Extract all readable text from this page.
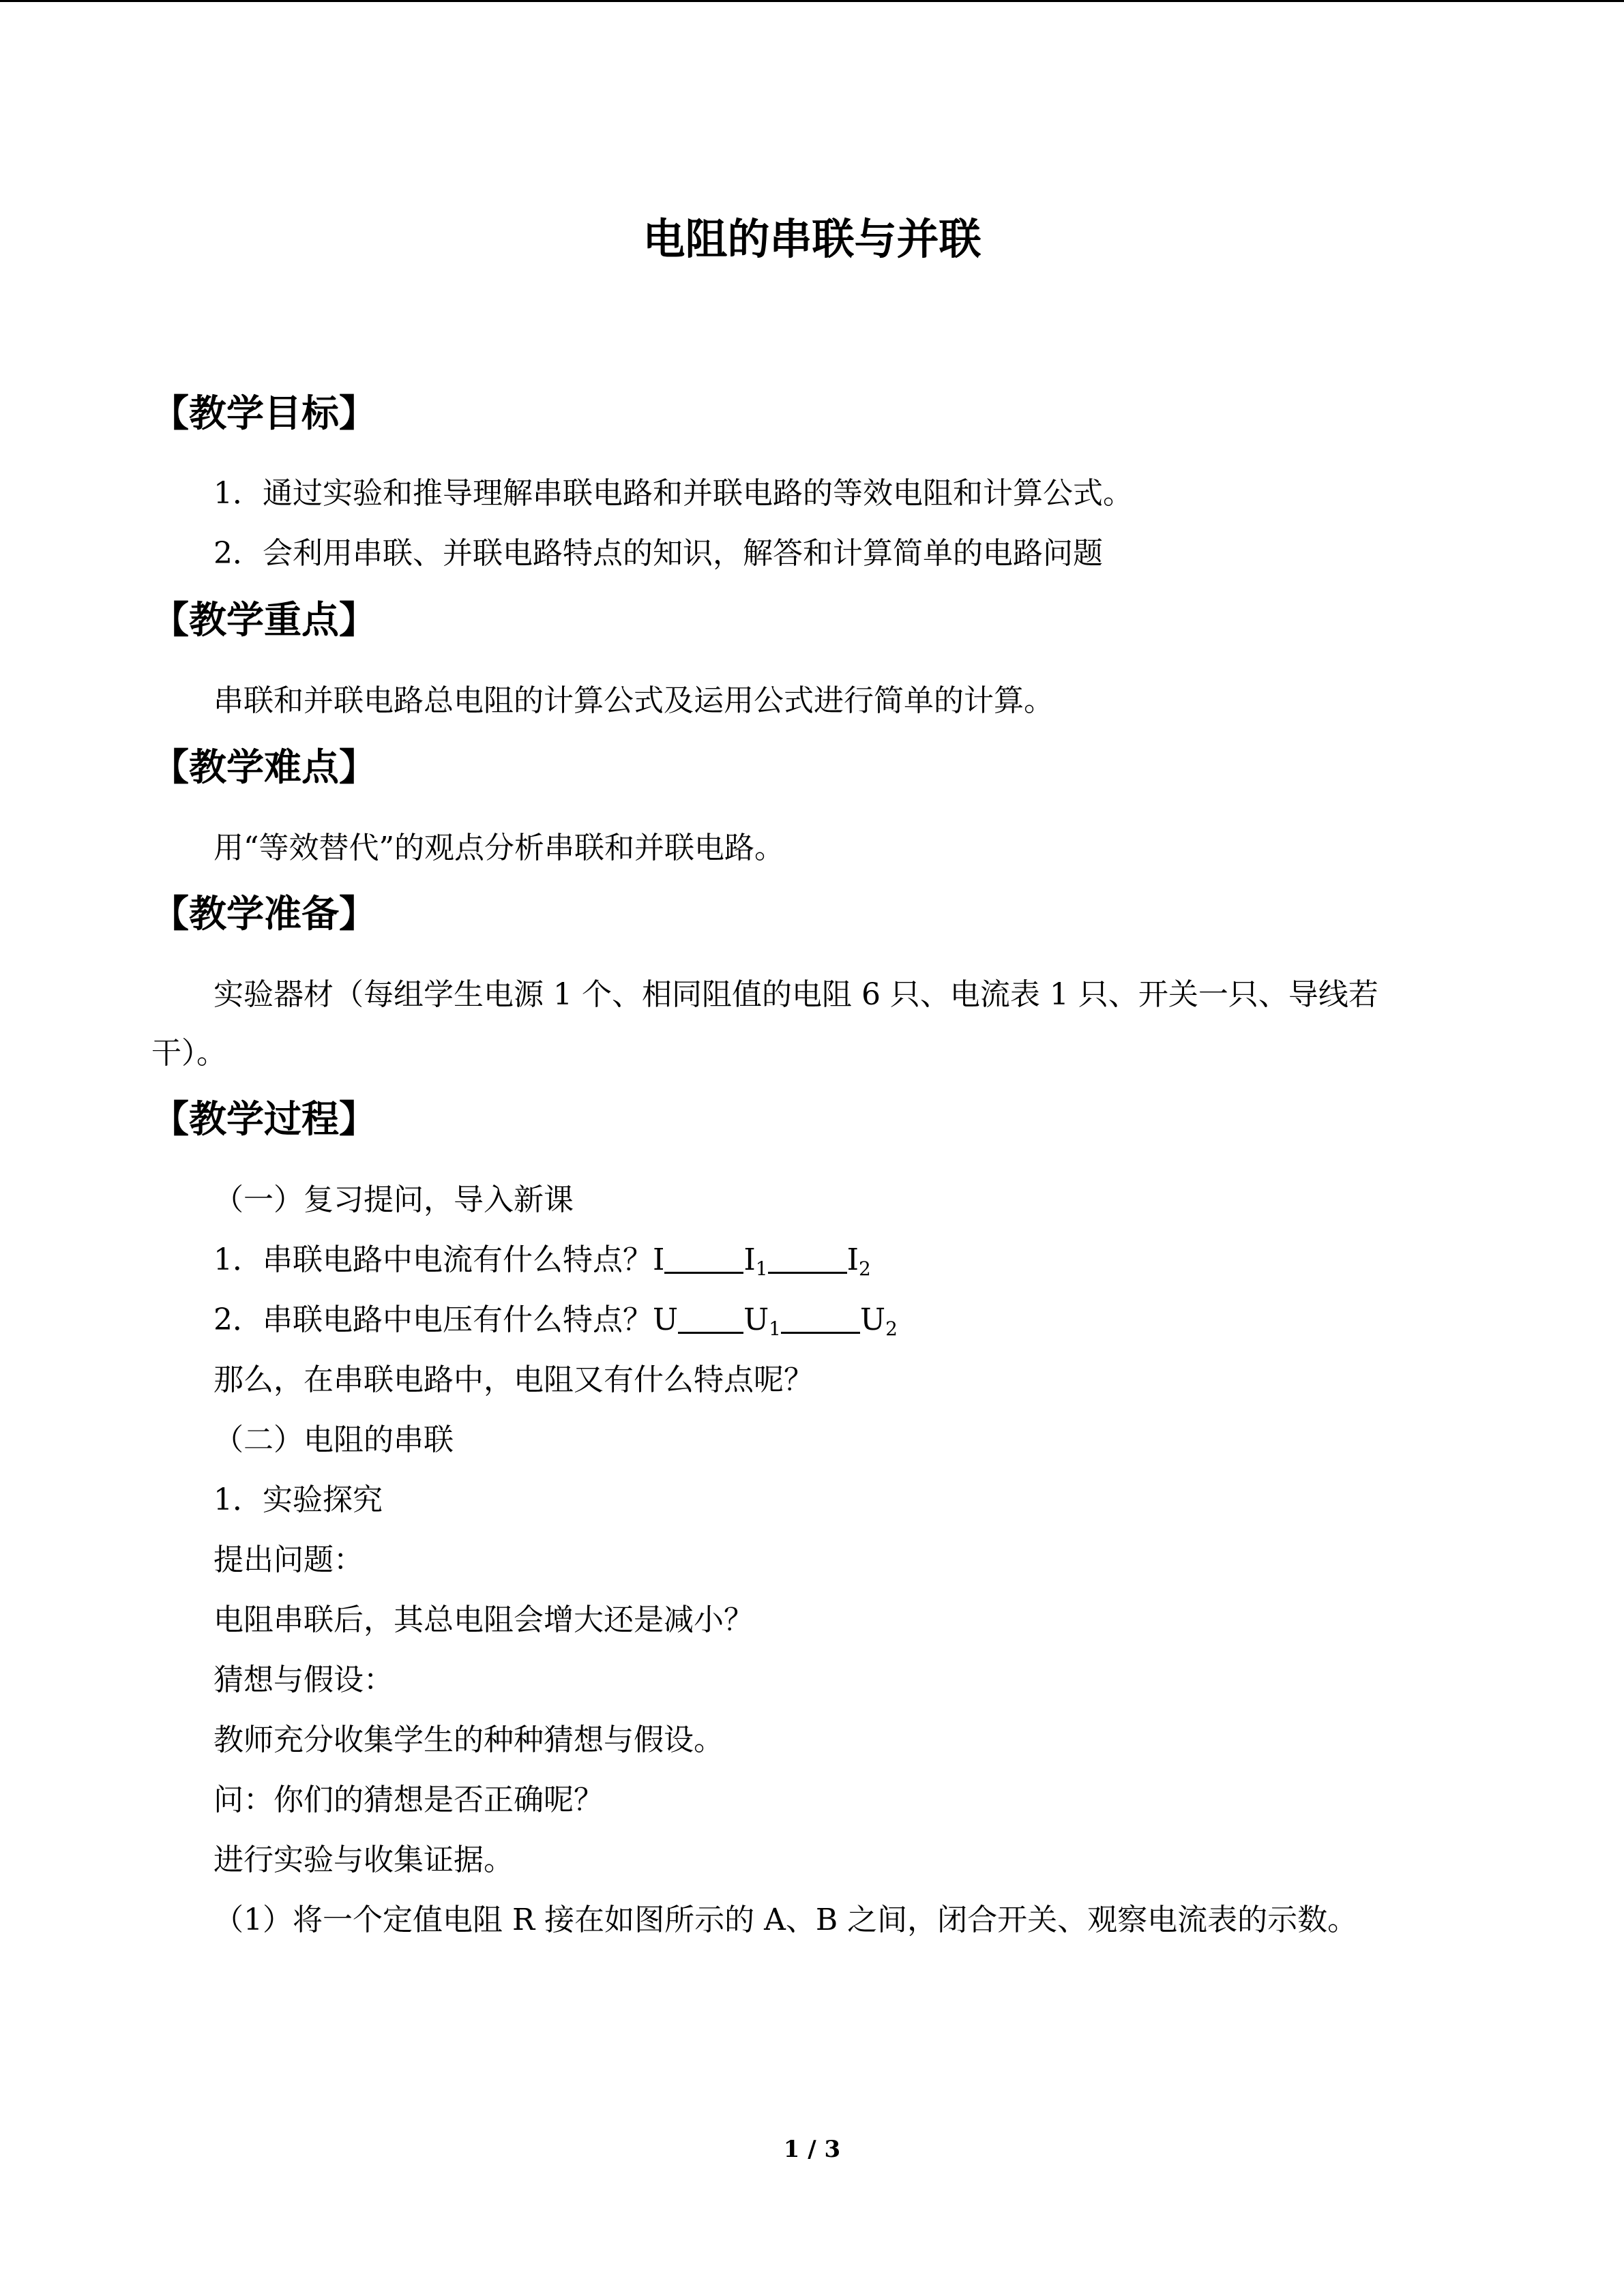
电阻的串联与并联
【教学目标】
1．通过实验和推导理解串联电路和并联电路的等效电阻和计算公式。
2．会利用串联、并联电路特点的知识，解答和计算简单的电路问题
【教学重点】
串联和并联电路总电阻的计算公式及运用公式进行简单的计算。
【教学难点】
用“等效替代”的观点分析串联和并联电路。
【教学准备】
实验器材（每组学生电源 1 个、相同阻值的电阻 6 只、电流表 1 只、开关一只、导线若
干）。
【教学过程】
（一）复习提问，导入新课
1．串联电路中电流有什么特点？I	$I_1$	$I_2$
2．串联电路中电压有什么特点？U $U_1$	$U_2$
那么，在串联电路中，电阻又有什么特点呢？
（二）电阻的串联
1．实验探究
提出问题：
电阻串联后，其总电阻会增大还是减小？
猜想与假设：
教师充分收集学生的种种猜想与假设。
问：你们的猜想是否正确呢？
进行实验与收集证据。
（1）将一个定值电阻 R 接在如图所示的 A、B 之间，闭合开关、观察电流表的示数。
1 / 3
